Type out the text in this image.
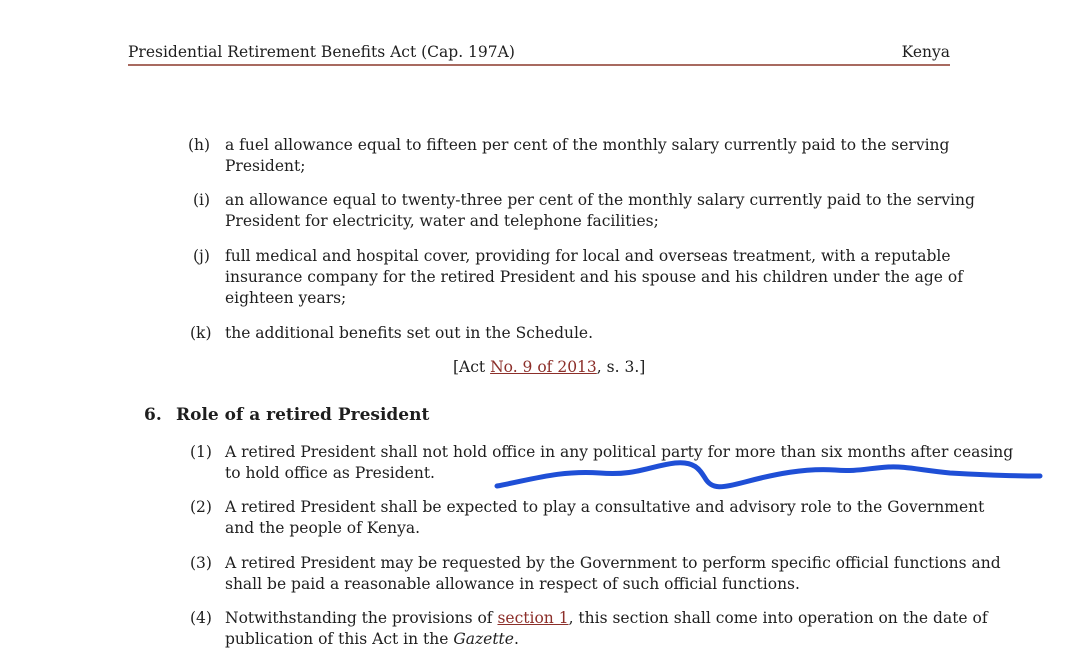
Presidential Retirement Benefits Act (Cap. 197A)	Kenya
(h) a fuel allowance equal to fifteen per cent of the monthly salary currently paid to the serving
President;
(i) an allowance equal to twenty-three per cent of the monthly salary currently paid to the serving
President for electricity, water and telephone facilities;
(j) full medical and hospital cover, providing for local and overseas treatment, with a reputable
insurance company for the retired President and his spouse and his children under the age of
eighteen years;
(k) the additional benefits set out in the Schedule.
[Act No. 9 of 2013, s. 3.]
6. Role of a retired President
(1) A retired President shall not hold office in any political party for more than six months after ceasing
to hold office as President.
(2) A retired President shall be expected to play a consultative and advisory role to the Government
and the people of Kenya.
(3) A retired President may be requested by the Government to perform specific official functions and
shall be paid a reasonable allowance in respect of such official functions.
(4) Notwithstanding the provisions of section 1, this section shall come into operation on the date of
publication of this Act in the Gazette.
